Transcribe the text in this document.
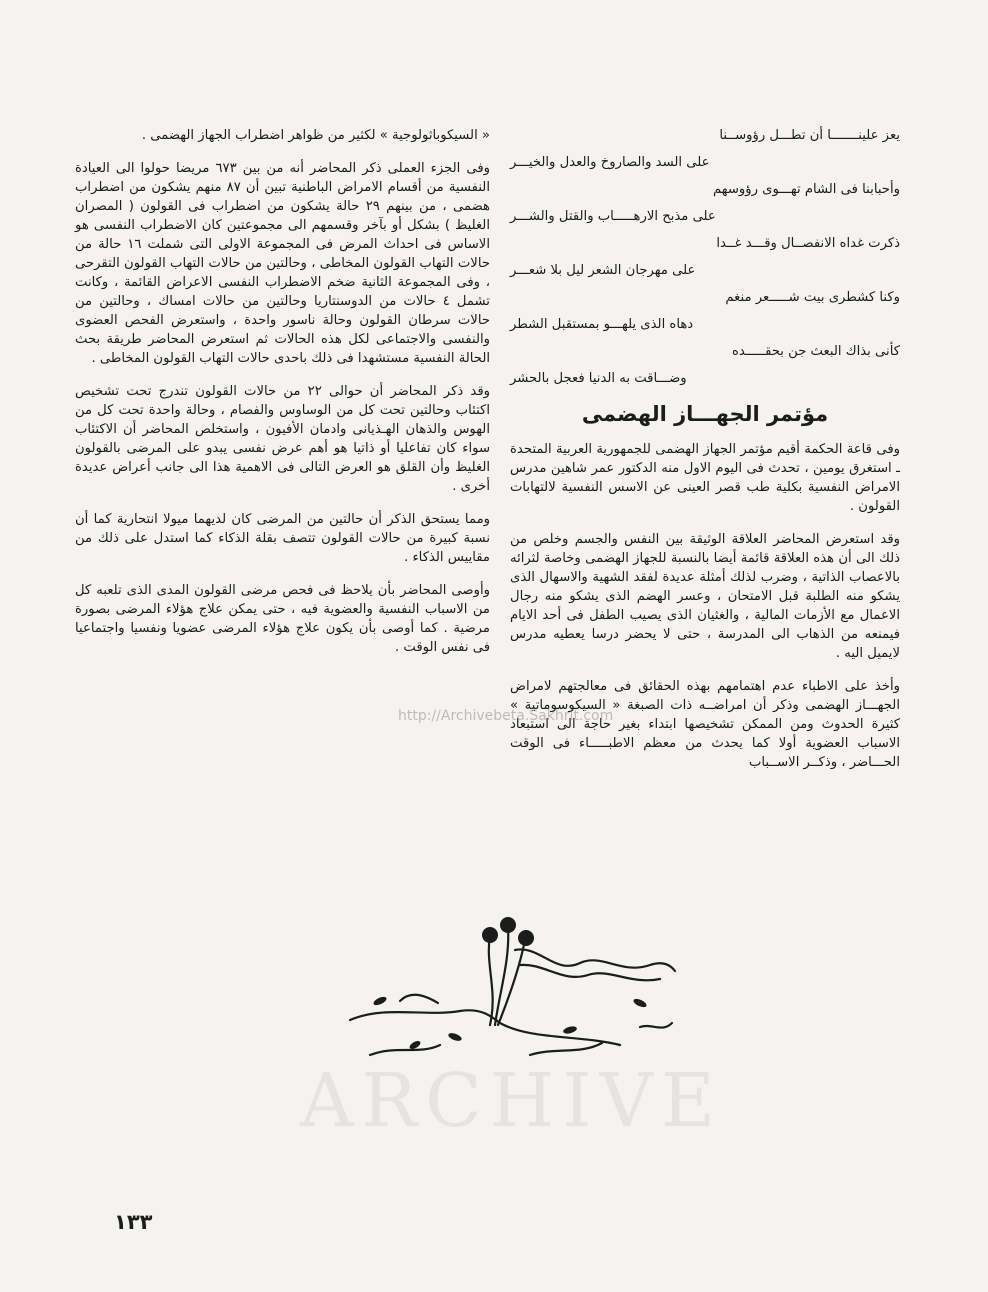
يعز علينـــــــا أن تطـــل رؤوســنا
على السد والصاروخ والعدل والخيـــر
وأحبابنا فى الشام تهـــوى رؤوسهم
على مذبح الارهـــــاب والقتل والشـــر
ذكرت غداه الانفصــال وقـــد غــدا
على مهرجان الشعر ليل بلا شعـــر
وكنا كشطرى بيت شـــــعر منغم
دهاه الذى يلهـــو بمستقبل الشطر
كأنى بذاك البعث جن بحقـــــده
وضـــاقت به الدنيا فعجل بالحشر
مؤتمر الجهـــاز الهضمى

وفى قاعة الحكمة أقيم مؤتمر الجهاز الهضمى للجمهورية العربية المتحدة ـ استغرق يومين ، تحدث فى اليوم الاول منه الدكتور عمر شاهين مدرس الامراض النفسية بكلية طب قصر العينى عن الاسس النفسية لالتهابات القولون .

وقد استعرض المحاضر العلاقة الوثيقة بين النفس والجسم وخلص من ذلك الى أن هذه العلاقة قائمة أيضا بالنسبة للجهاز الهضمى وخاصة لثرائه بالاعصاب الذاتية ، وضرب لذلك أمثلة عديدة لفقد الشهية والاسهال الذى يشكو منه الطلبة قبل الامتحان ، وعسر الهضم الذى يشكو منه رجال الاعمال مع الأزمات المالية ، والغثيان الذى يصيب الطفل فى أحد الايام فيمنعه من الذهاب الى المدرسة ، حتى لا يحضر درسا يعطيه مدرس لايميل اليه .

وأخذ على الاطباء عدم اهتمامهم بهذه الحقائق فى معالجتهم لامراض الجهـــاز الهضمى وذكر أن امراضــه ذات الصبغة « السيكوسوماتية » كثيرة الحدوث ومن الممكن تشخيصها ابتداء بغير حاجة الى استبعاد الاسباب العضوية أولا كما يحدث من معظم الاطبـــــاء فى الوقت الحـــاضر ، وذكــر الاســباب

« السيكوباثولوجية » لكثير من ظواهر اضطراب الجهاز الهضمى .

وفى الجزء العملى ذكر المحاضر أنه من بين ٦٧٣ مريضا حولوا الى العيادة النفسية من أقسام الامراض الباطنية تبين أن ٨٧ منهم يشكون من اضطراب هضمى ، من بينهم ٢٩ حالة يشكون من اضطراب فى القولون ( المصران الغليظ ) بشكل أو بآخر وقسمهم الى مجموعتين كان الاضطراب النفسى هو الاساس فى احداث المرض فى المجموعة الاولى التى شملت ١٦ حالة من حالات التهاب القولون المخاطى ، وحالتين من حالات التهاب القولون التقرحى ، وفى المجموعة الثانية ضخم الاضطراب النفسى الاعراض القائمة ، وكانت تشمل ٤ حالات من الدوسنتاريا وحالتين من حالات امساك ، وحالتين من حالات سرطان القولون وحالة ناسور واحدة ، واستعرض الفحص العضوى والنفسى والاجتماعى لكل هذه الحالات ثم استعرض المحاضر طريقة بحث الحالة النفسية مستشهدا فى ذلك باحدى حالات التهاب القولون المخاطى .

وقد ذكر المحاضر أن حوالى ٢٢ من حالات القولون تندرج تحت تشخيص اكتئاب وحالتين تحت كل من الوساوس والفصام ، وحالة واحدة تحت كل من الهوس والذهان الهـذيانى وادمان الأفيون ، واستخلص المحاضر أن الاكتئاب سواء كان تفاعليا أو ذاتيا هو أهم عرض نفسى يبدو على المرضى بالقولون الغليظ وأن القلق هو العرض التالى فى الاهمية هذا الى جانب أعراض عديدة أخرى .

ومما يستحق الذكر أن حالتين من المرضى كان لديهما ميولا انتحارية كما أن نسبة كبيرة من حالات القولون تتصف بقلة الذكاء كما استدل على ذلك من مقاييس الذكاء .

وأوصى المحاضر بأن يلاحظ فى فحص مرضى القولون المدى الذى تلعبه كل من الاسباب النفسية والعضوية فيه ، حتى يمكن علاج هؤلاء المرضى بصورة مرضية . كما أوصى بأن يكون علاج هؤلاء المرضى عضويا ونفسيا واجتماعيا فى نفس الوقت .

http://Archivebeta.Sakhrit.com
ARCHIVE
١٣٣
